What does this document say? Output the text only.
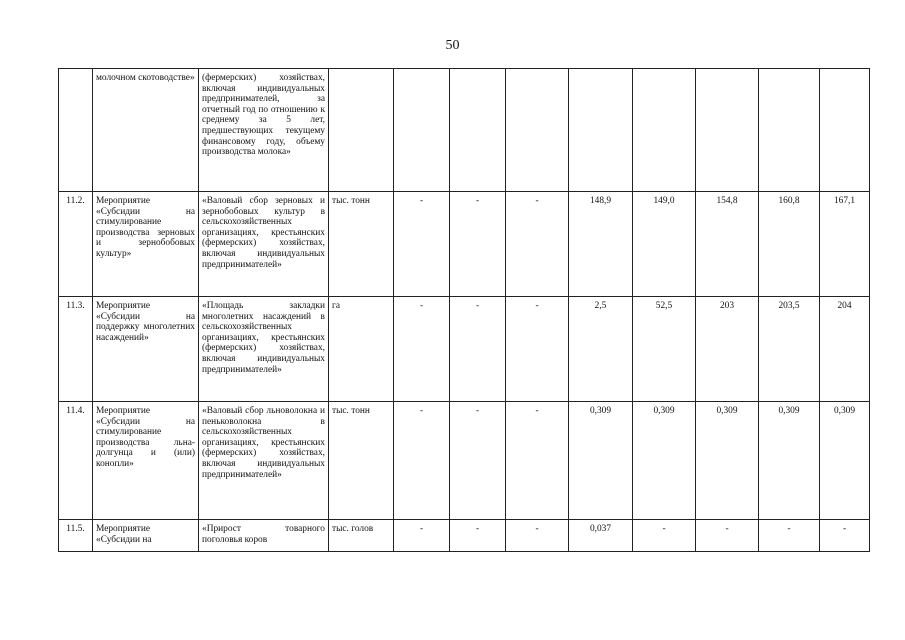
50
	молочном скотоводстве»	(фермерских) хозяйствах, включая индивидуальных предпринимателей, за отчетный год по отношению к среднему за 5 лет, предшествующих текущему финансовому году, объему производства молока»									
11.2.	Мероприятие «Субсидии на стимулирование производства зерновых и зернобобовых культур»	«Валовый сбор зерновых и зернобобовых культур в сельскохозяйственных организациях, крестьянских (фермерских) хозяйствах, включая индивидуальных предпринимателей»	тыс. тонн	-	-	-	148,9	149,0	154,8	160,8	167,1
11.3.	Мероприятие «Субсидии на поддержку многолетних насаждений»	«Площадь закладки многолетних насаждений в сельскохозяйственных организациях, крестьянских (фермерских) хозяйствах, включая индивидуальных предпринимателей»	га	-	-	-	2,5	52,5	203	203,5	204
11.4.	Мероприятие «Субсидии на стимулирование производства льна-долгунца и (или) конопли»	«Валовый сбор льноволокна и пеньковолокна в сельскохозяйственных организациях, крестьянских (фермерских) хозяйствах, включая индивидуальных предпринимателей»	тыс. тонн	-	-	-	0,309	0,309	0,309	0,309	0,309
11.5.	Мероприятие «Субсидии на	«Прирост товарного поголовья коров	тыс. голов	-	-	-	0,037	-	-	-	-
